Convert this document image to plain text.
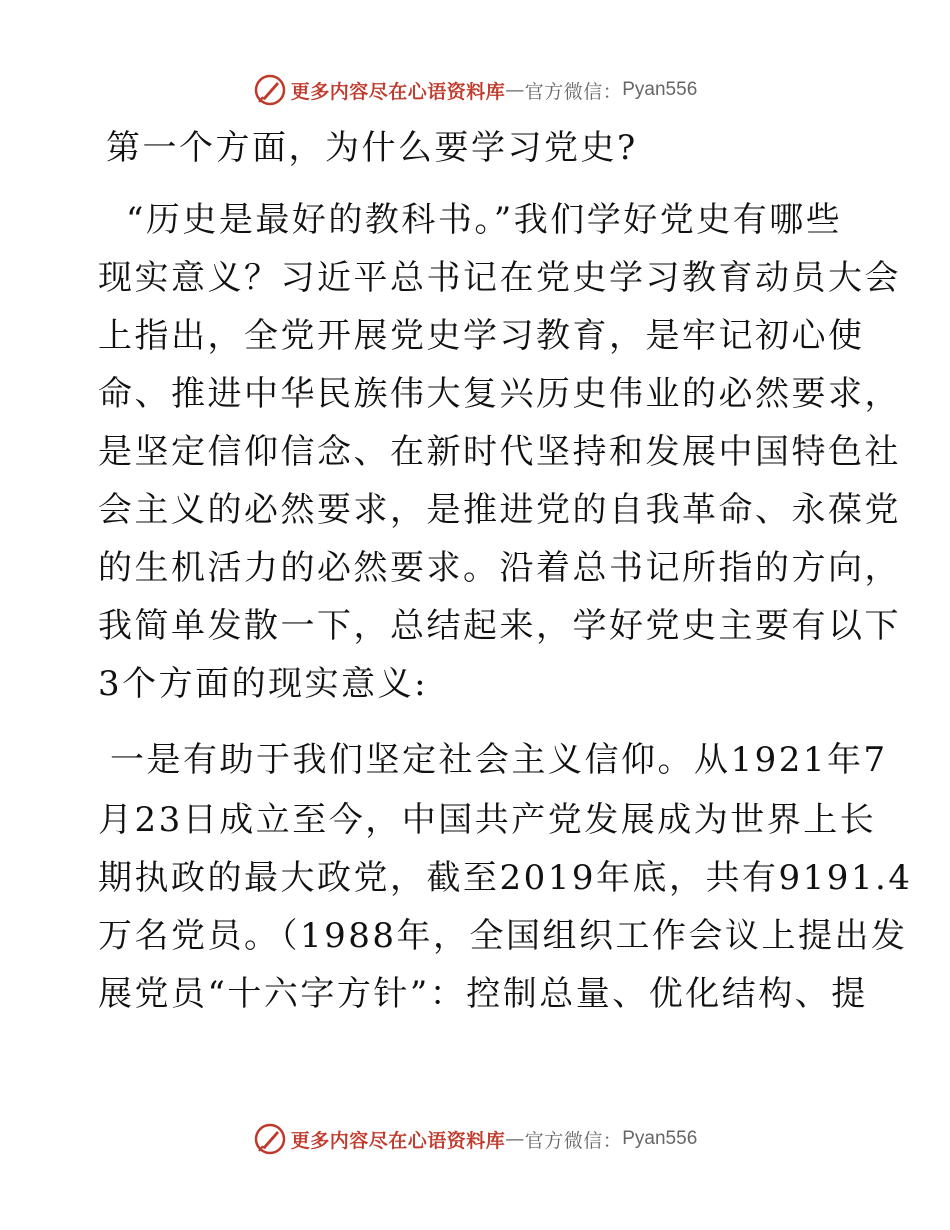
更多内容尽在心语资料库 — 官方微信： Pyan556
第一个方面，为什么要学习党史?
“历史是最好的教科书。”我们学好党史有哪些
现实意义？习近平总书记在党史学习教育动员大会
上指出，全党开展党史学习教育，是牢记初心使
命、推进中华民族伟大复兴历史伟业的必然要求，
是坚定信仰信念、在新时代坚持和发展中国特色社
会主义的必然要求，是推进党的自我革命、永葆党
的生机活力的必然要求。沿着总书记所指的方向，
我简单发散一下，总结起来，学好党史主要有以下
3个方面的现实意义:
一是有助于我们坚定社会主义信仰。从1921年7
月23日成立至今，中国共产党发展成为世界上长
期执政的最大政党，截至2019年底，共有9191.4
万名党员。（1988年，全国组织工作会议上提出发
展党员“十六字方针”：控制总量、优化结构、提
更多内容尽在心语资料库 — 官方微信： Pyan556
